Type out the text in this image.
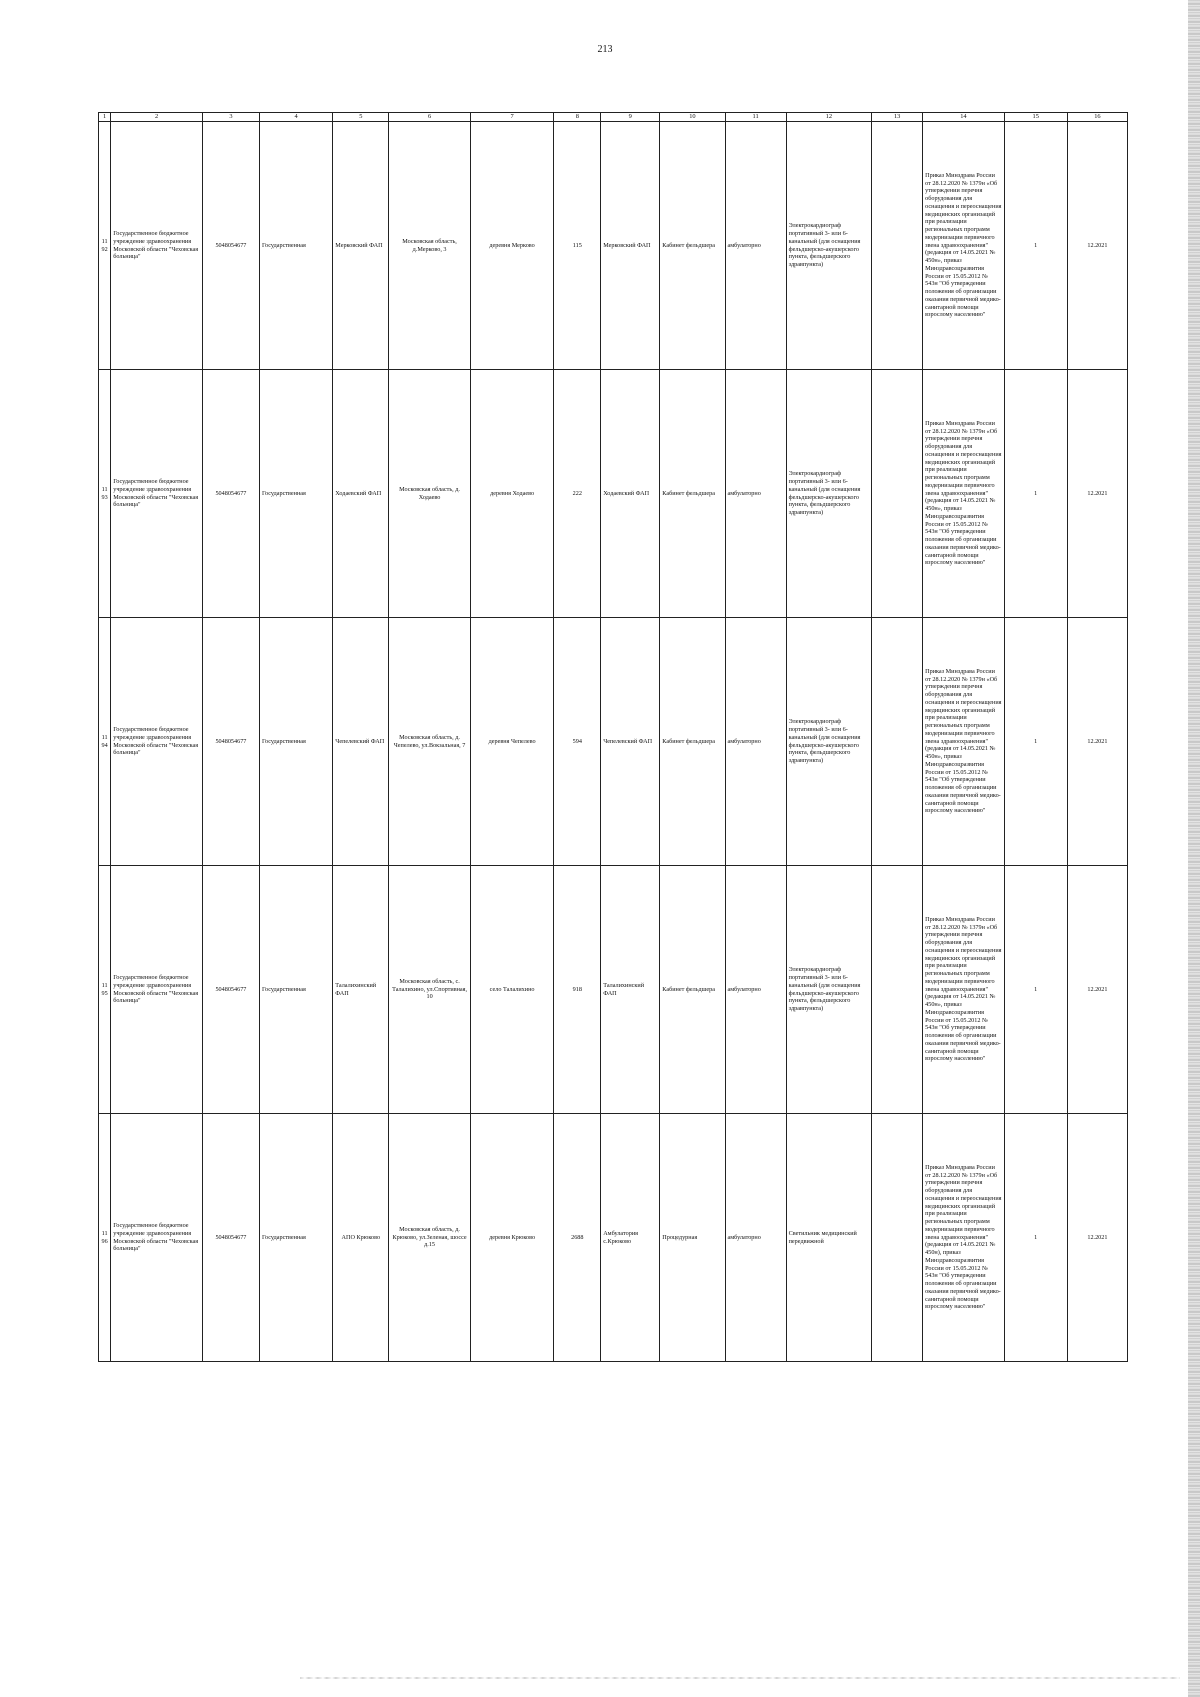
213
1	2	3	4	5	6	7	8	9	10	11	12	13	14	15	16
1192	Государственное бюджетное учреждение здравоохранения Московской области "Чеховская больница"	5048054677	Государственная	Мерковский ФАП	Московская область, д.Мерково, 3	деревня Мерково	115	Мерковский ФАП	Кабинет фельдшера	амбулаторно	Электрокардиограф портативный 3- или 6-канальный (для оснащения фельдшерско-акушерского пункта, фельдшерского здравпункта)		Приказ Минздрава России от 28.12.2020 № 1379н «Об утверждении перечня оборудования для оснащения и переоснащения медицинских организаций при реализации региональных программ модернизации первичного звена здравоохранения"(редакция от 14.05.2021 № 450н», приказ Минздравсоцразвития России от 15.05.2012 № 543н "Об утверждении положения об организации оказания первичной медико-санитарной помощи взрослому населению"	1	12.2021
1193	Государственное бюджетное учреждение здравоохранения Московской области "Чеховская больница"	5048054677	Государственная	Ходаевский ФАП	Московская область, д. Ходаево	деревня Ходаево	222	Ходаевский ФАП	Кабинет фельдшера	амбулаторно	Электрокардиограф портативный 3- или 6-канальный (для оснащения фельдшерско-акушерского пункта, фельдшерского здравпункта)		Приказ Минздрава России от 28.12.2020 № 1379н «Об утверждении перечня оборудования для оснащения и переоснащения медицинских организаций при реализации региональных программ модернизации первичного звена здравоохранения"(редакция от 14.05.2021 № 450н», приказ Минздравсоцразвития России от 15.05.2012 № 543н "Об утверждении положения об организации оказания первичной медико-санитарной помощи взрослому населению"	1	12.2021
1194	Государственное бюджетное учреждение здравоохранения Московской области "Чеховская больница"	5048054677	Государственная	Чепелевский ФАП	Московская область, д. Чепелево, ул.Вокзальная, 7	деревня Чепелево	594	Чепелевский ФАП	Кабинет фельдшера	амбулаторно	Электрокардиограф портативный 3- или 6-канальный (для оснащения фельдшерско-акушерского пункта, фельдшерского здравпункта)		Приказ Минздрава России от 28.12.2020 № 1379н «Об утверждении перечня оборудования для оснащения и переоснащения медицинских организаций при реализации региональных программ модернизации первичного звена здравоохранения"(редакция от 14.05.2021 № 450н», приказ Минздравсоцразвития России от 15.05.2012 № 543н "Об утверждении положения об организации оказания первичной медико-санитарной помощи взрослому населению"	1	12.2021
1195	Государственное бюджетное учреждение здравоохранения Московской области "Чеховская больница"	5048054677	Государственная	Талалихинский ФАП	Московская область, с. Талалихино, ул.Спортивная, 10	село Талалихино	918	Талалихинский ФАП	Кабинет фельдшера	амбулаторно	Электрокардиограф портативный 3- или 6-канальный (для оснащения фельдшерско-акушерского пункта, фельдшерского здравпункта)		Приказ Минздрава России от 28.12.2020 № 1379н «Об утверждении перечня оборудования для оснащения и переоснащения медицинских организаций при реализации региональных программ модернизации первичного звена здравоохранения"(редакция от 14.05.2021 № 450н», приказ Минздравсоцразвития России от 15.05.2012 № 543н "Об утверждении положения об организации оказания первичной медико-санитарной помощи взрослому населению"	1	12.2021
1196	Государственное бюджетное учреждение здравоохранения Московской области "Чеховская больница"	5048054677	Государственная	АПО Крюково	Московская область, д. Крюково, ул.Зеленая, шоссе д.15	деревня Крюково	2688	Амбулатория с.Крюково	Процедурная	амбулаторно	Светильник медицинский передвижной		Приказ Минздрава России от 28.12.2020 № 1379н «Об утверждении перечня оборудования для оснащения и переоснащения медицинских организаций при реализации региональных программ модернизации первичного звена здравоохранения"(редакция от 14.05.2021 № 450н), приказ Минздравсоцразвития России от 15.05.2012 № 543н "Об утверждении положения об организации оказания первичной медико-санитарной помощи взрослому населению"	1	12.2021
